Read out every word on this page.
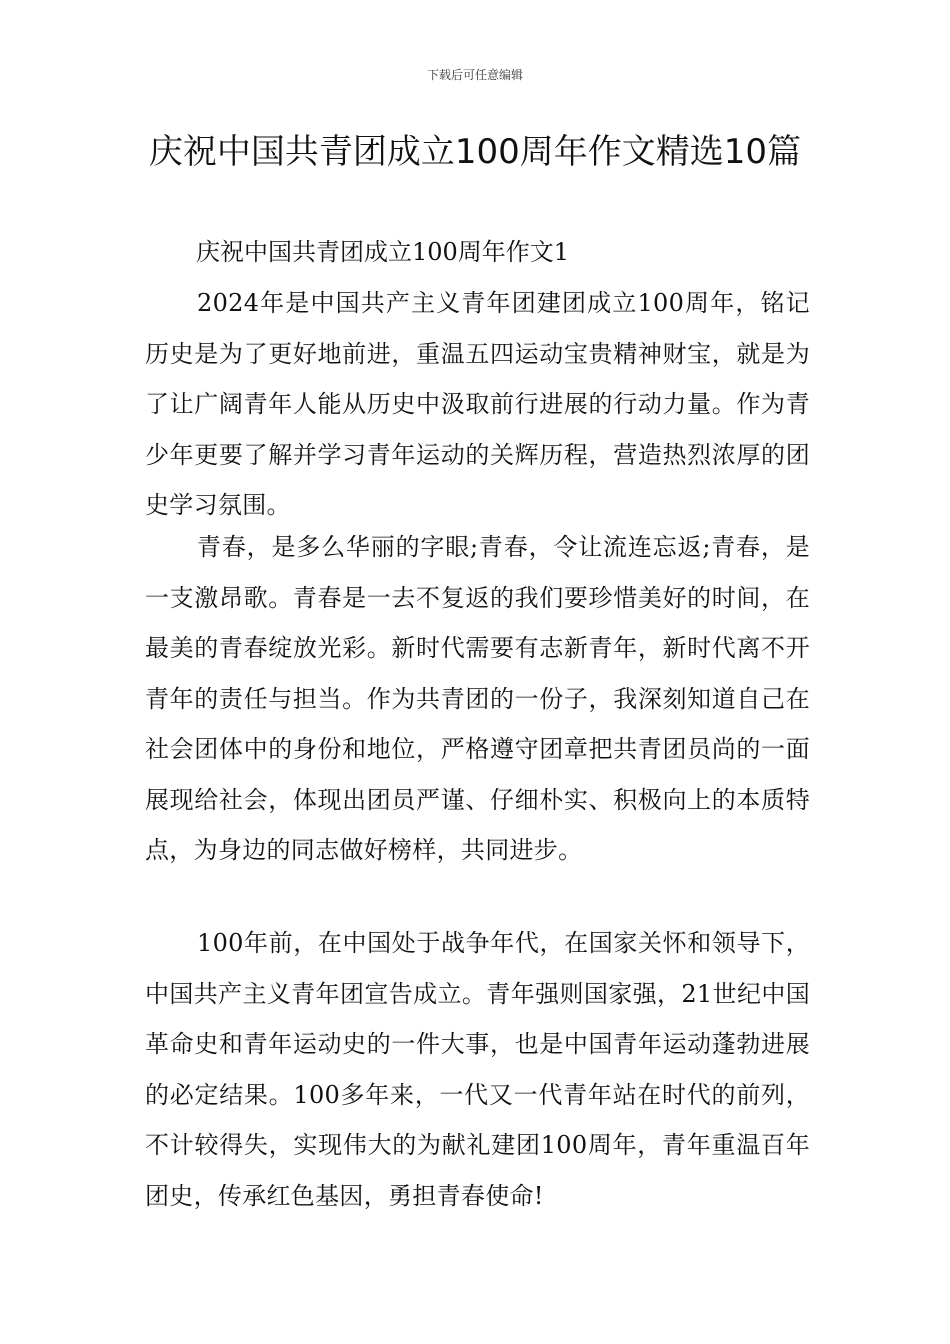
下载后可任意编辑
庆祝中国共青团成立100周年作文精选10篇

庆祝中国共青团成立100周年作文1

2024年是中国共产主义青年团建团成立100周年，铭记历史是为了更好地前进，重温五四运动宝贵精神财宝，就是为了让广阔青年人能从历史中汲取前行进展的行动力量。作为青少年更要了解并学习青年运动的关辉历程，营造热烈浓厚的团史学习氛围。

青春，是多么华丽的字眼;青春，令让流连忘返;青春，是一支激昂歌。青春是一去不复返的我们要珍惜美好的时间，在最美的青春绽放光彩。新时代需要有志新青年，新时代离不开青年的责任与担当。作为共青团的一份子，我深刻知道自己在社会团体中的身份和地位，严格遵守团章把共青团员尚的一面展现给社会，体现出团员严谨、仔细朴实、积极向上的本质特点，为身边的同志做好榜样，共同进步。

100年前，在中国处于战争年代，在国家关怀和领导下，中国共产主义青年团宣告成立。青年强则国家强，21世纪中国革命史和青年运动史的一件大事，也是中国青年运动蓬勃进展的必定结果。100多年来，一代又一代青年站在时代的前列，不计较得失，实现伟大的为献礼建团100周年，青年重温百年团史，传承红色基因，勇担青春使命!
